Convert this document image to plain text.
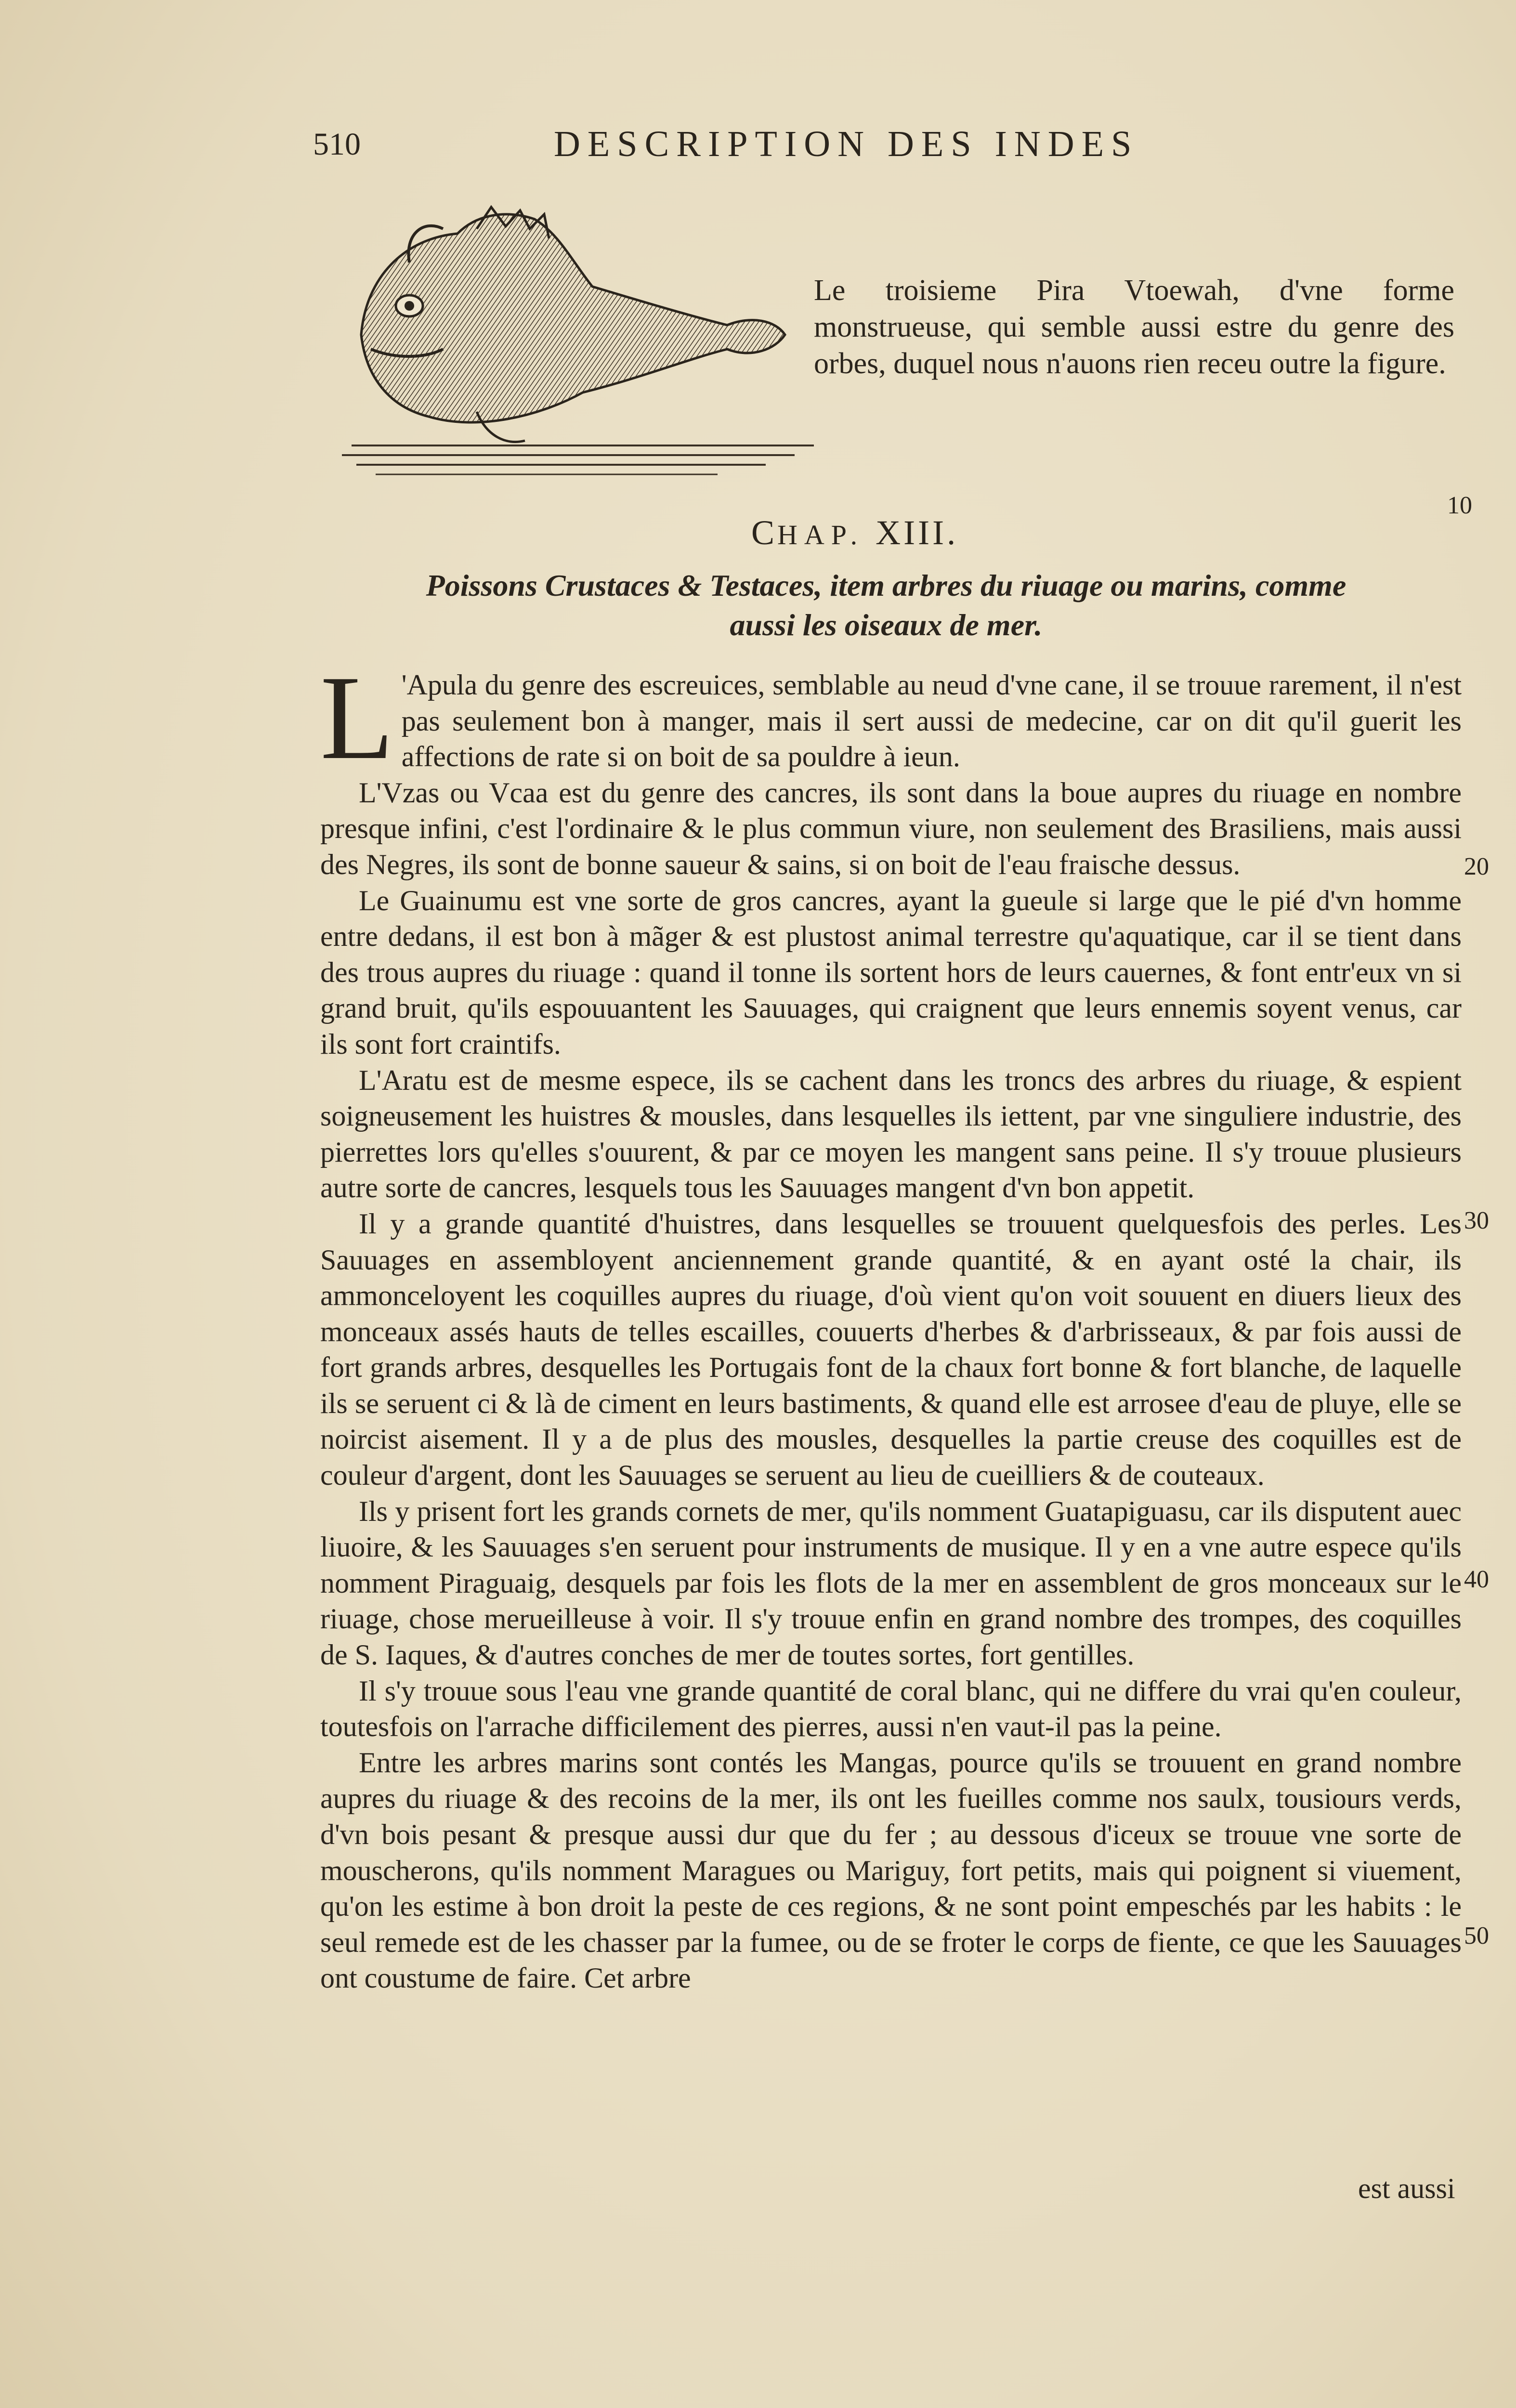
510	DESCRIPTION DES INDES
Le troisieme Pira Vtoewah, d'vne forme monstrueuse, qui semble aussi estre du genre des orbes, duquel nous n'auons rien receu outre la figure.
CHAP. XIII.
Poissons Crustaces & Testaces, item arbres du riuage ou marins, comme aussi les oiseaux de mer.
10
20
30
40
50

L 'Apula du genre des escreuices, semblable au neud d'vne cane, il se trouue rarement, il n'est pas seulement bon à manger, mais il sert aussi de medecine, car on dit qu'il guerit les affections de rate si on boit de sa pouldre à ieun.

L'Vzas ou Vcaa est du genre des cancres, ils sont dans la boue aupres du riuage en nombre presque infini, c'est l'ordinaire & le plus commun viure, non seulement des Brasiliens, mais aussi des Negres, ils sont de bonne saueur & sains, si on boit de l'eau fraische dessus.

Le Guainumu est vne sorte de gros cancres, ayant la gueule si large que le pié d'vn homme entre dedans, il est bon à mãger & est plustost animal terrestre qu'aquatique, car il se tient dans des trous aupres du riuage : quand il tonne ils sortent hors de leurs cauernes, & font entr'eux vn si grand bruit, qu'ils espouuantent les Sauuages, qui craignent que leurs ennemis soyent venus, car ils sont fort craintifs.

L'Aratu est de mesme espece, ils se cachent dans les troncs des arbres du riuage, & espient soigneusement les huistres & mousles, dans lesquelles ils iettent, par vne singuliere industrie, des pierrettes lors qu'elles s'ouurent, & par ce moyen les mangent sans peine. Il s'y trouue plusieurs autre sorte de cancres, lesquels tous les Sauuages mangent d'vn bon appetit.

Il y a grande quantité d'huistres, dans lesquelles se trouuent quelquesfois des perles. Les Sauuages en assembloyent anciennement grande quantité, & en ayant osté la chair, ils ammonceloyent les coquilles aupres du riuage, d'où vient qu'on voit souuent en diuers lieux des monceaux assés hauts de telles escailles, couuerts d'herbes & d'arbrisseaux, & par fois aussi de fort grands arbres, desquelles les Portugais font de la chaux fort bonne & fort blanche, de laquelle ils se seruent ci & là de ciment en leurs bastiments, & quand elle est arrosee d'eau de pluye, elle se noircist aisement. Il y a de plus des mousles, desquelles la partie creuse des coquilles est de couleur d'argent, dont les Sauuages se seruent au lieu de cueilliers & de couteaux.

Ils y prisent fort les grands cornets de mer, qu'ils nomment Guatapiguasu, car ils disputent auec liuoire, & les Sauuages s'en seruent pour instruments de musique. Il y en a vne autre espece qu'ils nomment Piraguaig, desquels par fois les flots de la mer en assemblent de gros monceaux sur le riuage, chose merueilleuse à voir. Il s'y trouue enfin en grand nombre des trompes, des coquilles de S. Iaques, & d'autres conches de mer de toutes sortes, fort gentilles.

Il s'y trouue sous l'eau vne grande quantité de coral blanc, qui ne differe du vrai qu'en couleur, toutesfois on l'arrache difficilement des pierres, aussi n'en vaut-il pas la peine.

Entre les arbres marins sont contés les Mangas, pource qu'ils se trouuent en grand nombre aupres du riuage & des recoins de la mer, ils ont les fueilles comme nos saulx, tousiours verds, d'vn bois pesant & presque aussi dur que du fer ; au dessous d'iceux se trouue vne sorte de mouscherons, qu'ils nomment Maragues ou Mariguy, fort petits, mais qui poignent si viuement, qu'on les estime à bon droit la peste de ces regions, & ne sont point empeschés par les habits : le seul remede est de les chasser par la fumee, ou de se froter le corps de fiente, ce que les Sauuages ont coustume de faire. Cet arbre

est aussi
